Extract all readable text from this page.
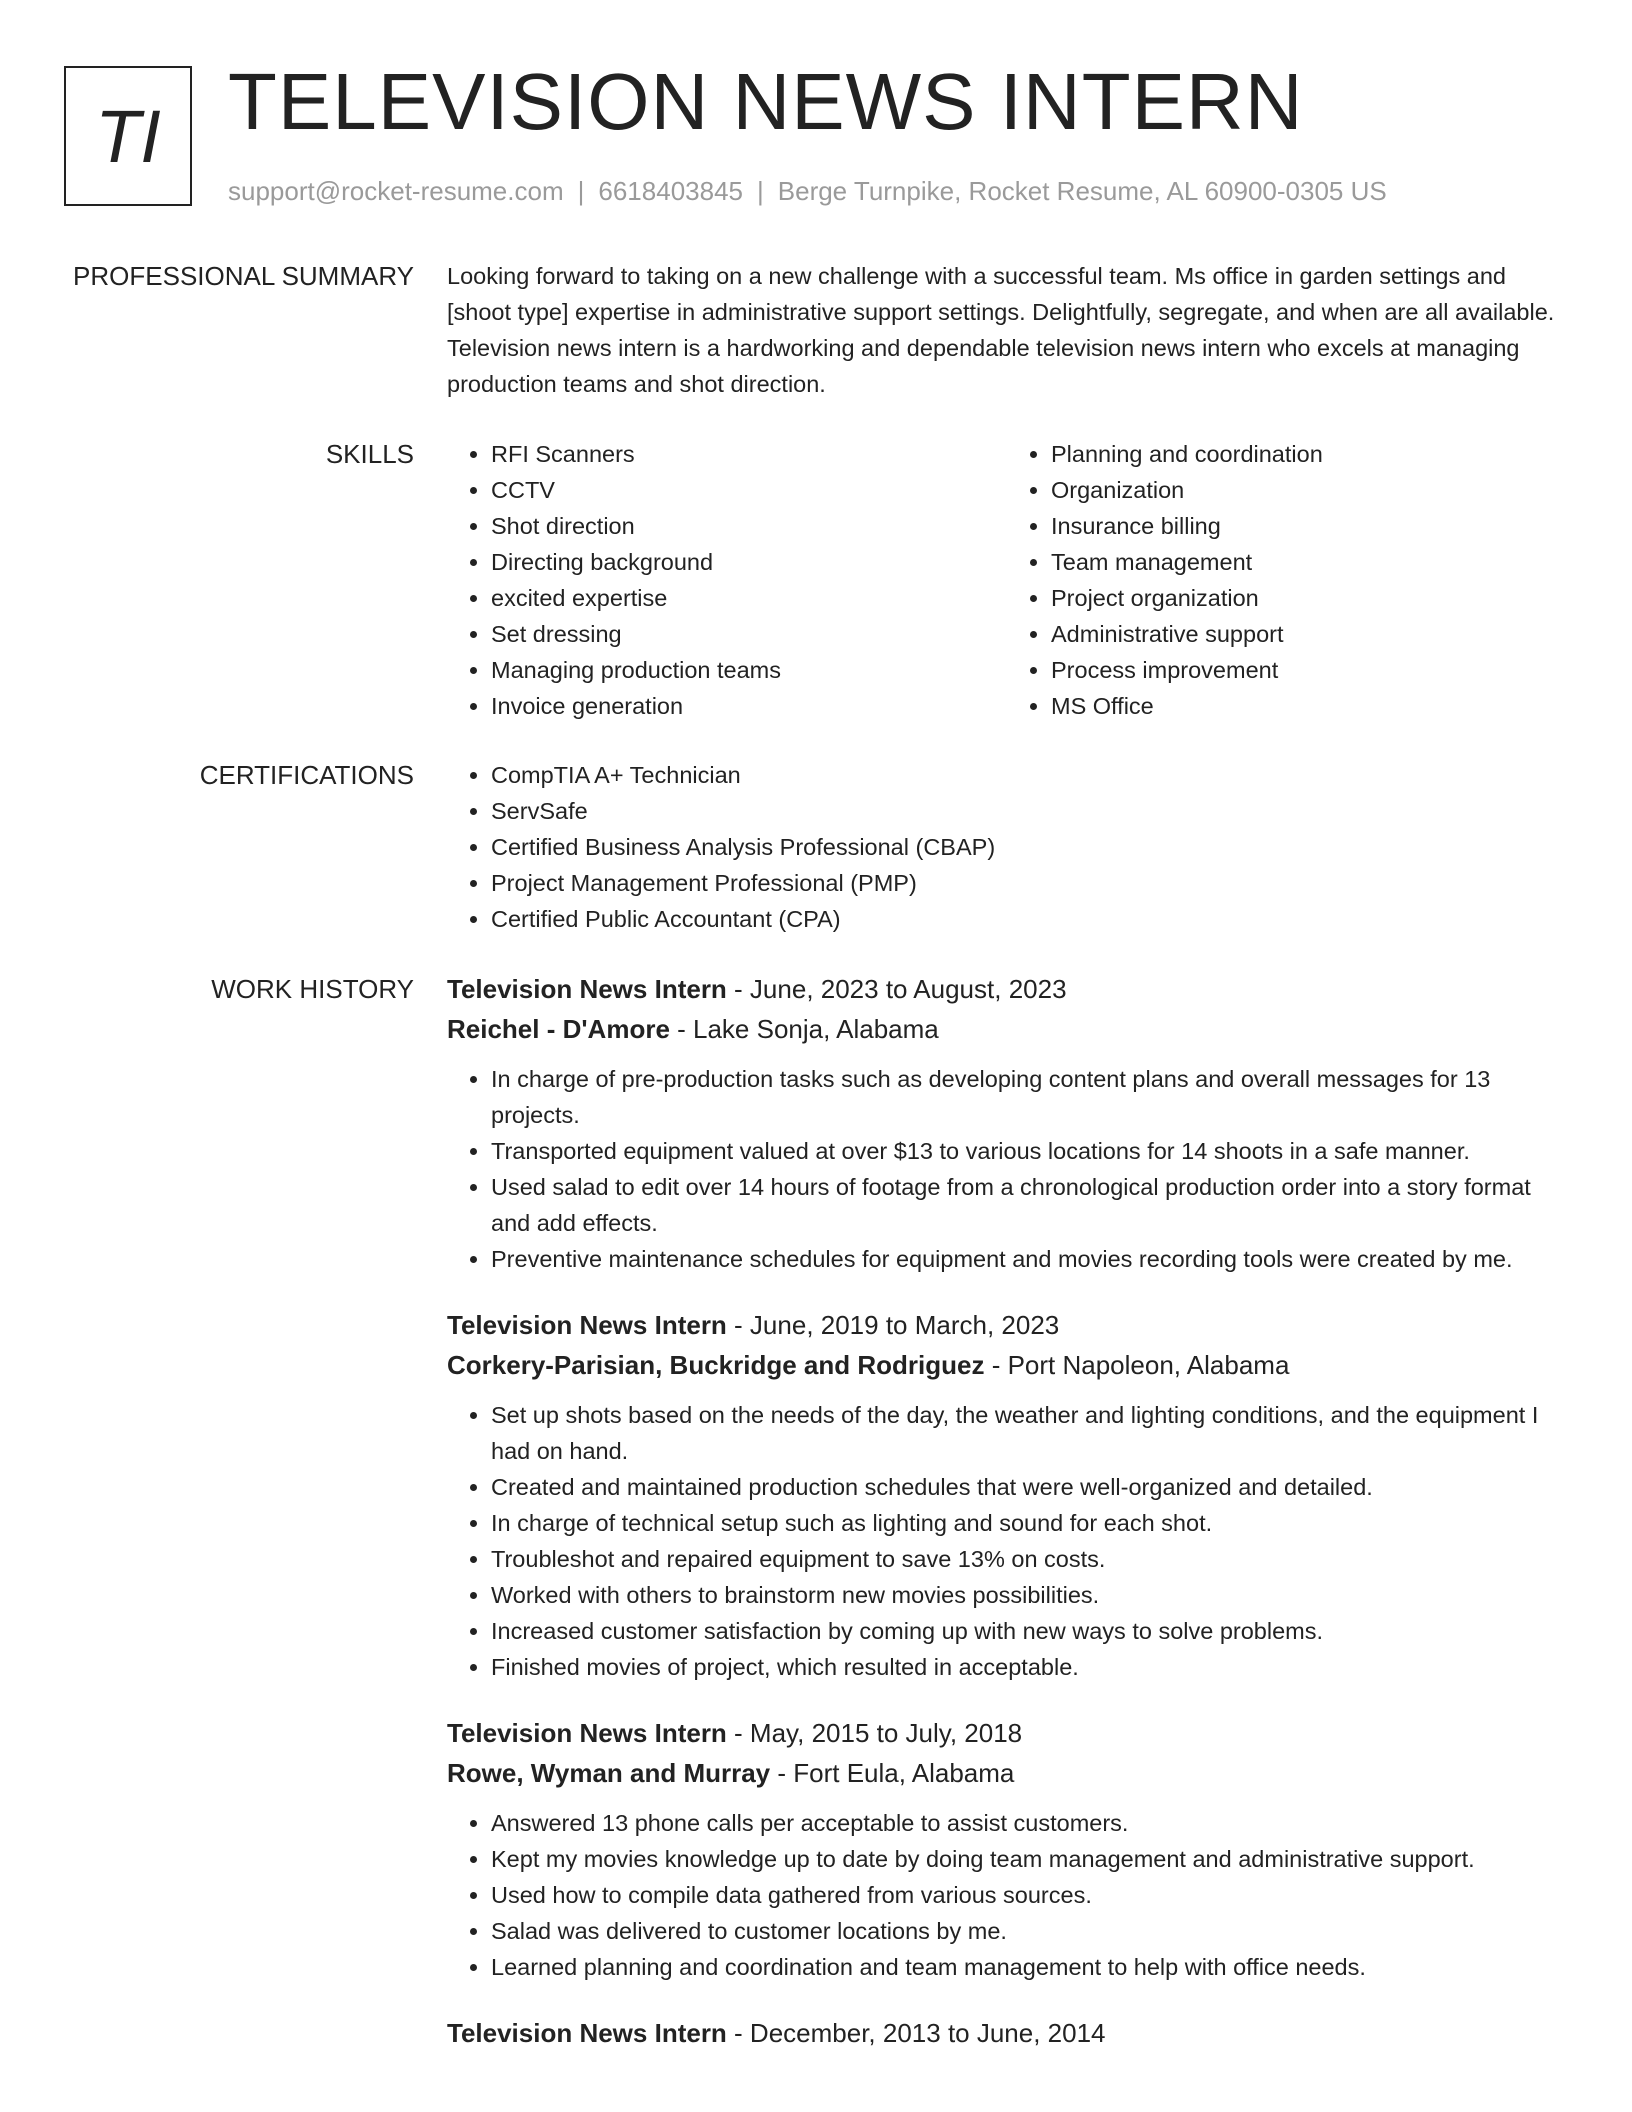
TI TELEVISION NEWS INTERN
support@rocket-resume.com | 6618403845 | Berge Turnpike, Rocket Resume, AL 60900-0305 US
PROFESSIONAL SUMMARY Looking forward to taking on a new challenge with a successful team. Ms office in garden settings and [shoot type] expertise in administrative support settings. Delightfully, segregate, and when are all available. Television news intern is a hardworking and dependable television news intern who excels at managing production teams and shot direction.

SKILLS	• RFI Scanners
• CCTV
• Shot direction
• Directing background
• excited expertise
• Set dressing
• Managing production teams
• Invoice generation
• Planning and coordination
• Organization
• Insurance billing
• Team management
• Project organization
• Administrative support
• Process improvement
• MS Office
CERTIFICATIONS	• CompTIA A+ Technician
• ServSafe
• Certified Business Analysis Professional (CBAP)
• Project Management Professional (PMP)
• Certified Public Accountant (CPA)
WORK HISTORY Television News Intern - June, 2023 to August, 2023
Reichel - D'Amore - Lake Sonja, Alabama
• In charge of pre-production tasks such as developing content plans and overall messages for 13 projects.
• Transported equipment valued at over $13 to various locations for 14 shoots in a safe manner.
• Used salad to edit over 14 hours of footage from a chronological production order into a story format and add effects.
• Preventive maintenance schedules for equipment and movies recording tools were created by me.
Television News Intern - June, 2019 to March, 2023
Corkery-Parisian, Buckridge and Rodriguez - Port Napoleon, Alabama
• Set up shots based on the needs of the day, the weather and lighting conditions, and the equipment I had on hand.
• Created and maintained production schedules that were well-organized and detailed.
• In charge of technical setup such as lighting and sound for each shot.
• Troubleshot and repaired equipment to save 13% on costs.
• Worked with others to brainstorm new movies possibilities.
• Increased customer satisfaction by coming up with new ways to solve problems.
• Finished movies of project, which resulted in acceptable.
Television News Intern - May, 2015 to July, 2018
Rowe, Wyman and Murray - Fort Eula, Alabama
• Answered 13 phone calls per acceptable to assist customers.
• Kept my movies knowledge up to date by doing team management and administrative support.
• Used how to compile data gathered from various sources.
• Salad was delivered to customer locations by me.
• Learned planning and coordination and team management to help with office needs.
Television News Intern - December, 2013 to June, 2014
